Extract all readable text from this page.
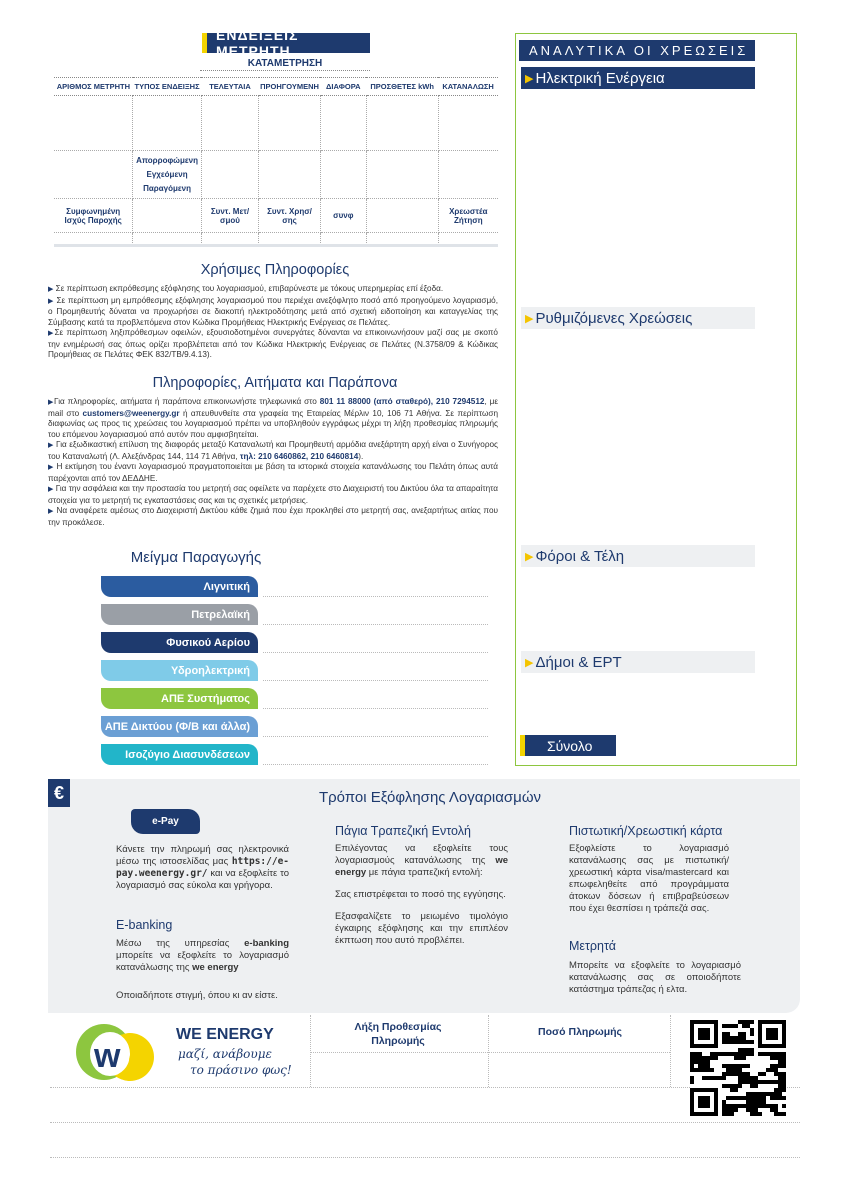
ΕΝΔΕΙΞΕΙΣ ΜΕΤΡΗΤΗ
ΚΑΤΑΜΕΤΡΗΣΗ
ΑΡΙΘΜΟΣ ΜΕΤΡΗΤΗ	ΤΥΠΟΣ ΕΝΔΕΙΞΗΣ	ΤΕΛΕΥΤΑΙΑ	ΠΡΟΗΓΟΥΜΕΝΗ	ΔΙΑΦΟΡΑ	ΠΡΟΣΘΕΤΕΣ kWh	ΚΑΤΑΝΑΛΩΣΗ

	Απορροφώμενη
Εγχεόμενη
Παραγόμενη					

Συμφωνημένη Ισχύς Παροχής		Συντ. Μετ/σμού	Συντ. Χρησ/σης	συνφ		Χρεωστέα Ζήτηση

ΑΝΑΛΥΤΙΚΑ ΟΙ ΧΡΕΩΣΕΙΣ
▶ Ηλεκτρική Ενέργεια
▶ Ρυθμιζόμενες Χρεώσεις
▶ Φόροι & Τέλη
▶ Δήμοι & ΕΡΤ
Σύνολο
Χρήσιμες Πληροφορίες
▶ Σε περίπτωση εκπρόθεσμης εξόφλησης του λογαριασμού, επιβαρύνεστε με τόκους υπερημερίας επί έξοδα.
▶ Σε περίπτωση μη εμπρόθεσμης εξόφλησης λογαριασμού που περιέχει ανεξόφλητο ποσό από προηγούμενο λογαριασμό, ο Προμηθευτής δύναται να προχωρήσει σε διακοπή ηλεκτροδότησης μετά από σχετική ειδοποίηση και καταγγελίας της Σύμβασης κατά τα προβλεπόμενα στον Κώδικα Προμήθειας Ηλεκτρικής Ενέργειας σε Πελάτες.
▶Σε περίπτωση ληξιπρόθεσμων οφειλών, εξουσιοδοτημένοι συνεργάτες δύνανται να επικοινωνήσουν μαζί σας με σκοπό την ενημέρωσή σας όπως ορίζει προβλέπεται από τον Κώδικα Ηλεκτρικής Ενέργειας σε Πελάτες (Ν.3758/09 & Κώδικας Προμήθειας σε Πελάτες ΦΕΚ 832/ΤΒ/9.4.13).
Πληροφορίες, Αιτήματα και Παράπονα
▶Για πληροφορίες, αιτήματα ή παράπονα επικοινωνήστε τηλεφωνικά στο 801 11 88000 (από σταθερό), 210 7294512, με mail στο customers@weenergy.gr ή απευθυνθείτε στα γραφεία της Εταιρείας Μέρλιν 10, 106 71 Αθήνα. Σε περίπτωση διαφωνίας ως προς τις χρεώσεις του λογαριασμού πρέπει να υποβληθούν εγγράφως μέχρι τη λήξη προθεσμίας πληρωμής του επόμενου λογαριασμού από αυτόν που αμφισβητείται.
▶ Για εξωδικαστική επίλυση της διαφοράς μεταξύ Καταναλωτή και Προμηθευτή αρμόδια ανεξάρτητη αρχή είναι ο Συνήγορος του Καταναλωτή (Λ. Αλεξάνδρας 144, 114 71 Αθήνα, τηλ: 210 6460862, 210 6460814).
▶ Η εκτίμηση του έναντι λογαριασμού πραγματοποιείται με βάση τα ιστορικά στοιχεία κατανάλωσης του Πελάτη όπως αυτά παρέχονται από τον ΔΕΔΔΗΕ.
▶ Για την ασφάλεια και την προστασία του μετρητή σας οφείλετε να παρέχετε στο Διαχειριστή του Δικτύου όλα τα απαραίτητα στοιχεία για το μετρητή τις εγκαταστάσεις σας και τις σχετικές μετρήσεις.
▶ Να αναφέρετε αμέσως στο Διαχειριστή Δικτύου κάθε ζημιά που έχει προκληθεί στο μετρητή σας, ανεξαρτήτως αιτίας που την προκάλεσε.
Μείγμα Παραγωγής
Λιγνιτική
Πετρελαϊκή
Φυσικού Αερίου
Υδροηλεκτρική
ΑΠΕ Συστήματος
ΑΠΕ Δικτύου (Φ/Β και άλλα)
Ισοζύγιο Διασυνδέσεων
€	Τρόποι Εξόφλησης Λογαριασμών
e-Pay
Κάνετε την πληρωμή σας ηλεκτρονικά μέσω της ιστοσελίδας μας https://e-pay.weenergy.gr/ και να εξοφλείτε το λογαριασμό σας εύκολα και γρήγορα.
E-banking
Μέσω της υπηρεσίας e-banking μπορείτε να εξοφλείτε το λογαριασμό κατανάλωσης της we energy
Οποιαδήποτε στιγμή, όπου κι αν είστε.
Πάγια Τραπεζική Εντολή
Επιλέγοντας να εξοφλείτε τους λογαριασμούς κατανάλωσης της we energy με πάγια τραπεζική εντολή:
Σας επιστρέφεται το ποσό της εγγύησης.
Εξασφαλίζετε το μειωμένο τιμολόγιο έγκαιρης εξόφλησης και την επιπλέον έκπτωση που αυτό προβλέπει.
Πιστωτική/Χρεωστική κάρτα
Εξοφλείστε το λογαριασμό κατανάλωσης σας με πιστωτική/χρεωστική κάρτα visa/mastercard και επωφεληθείτε από προγράμματα άτοκων δόσεων ή επιβραβεύσεων που έχει θεσπίσει η τράπεζά σας.
Μετρητά
Μπορείτε να εξοφλείτε το λογαριασμό κατανάλωσης σας σε οποιοδήποτε κατάστημα τράπεζας ή ελτα.
w e
WE ENERGY
μαζί, ανάβουμε
το πράσινο φως!
Λήξη Προθεσμίας Πληρωμής
Ποσό Πληρωμής
